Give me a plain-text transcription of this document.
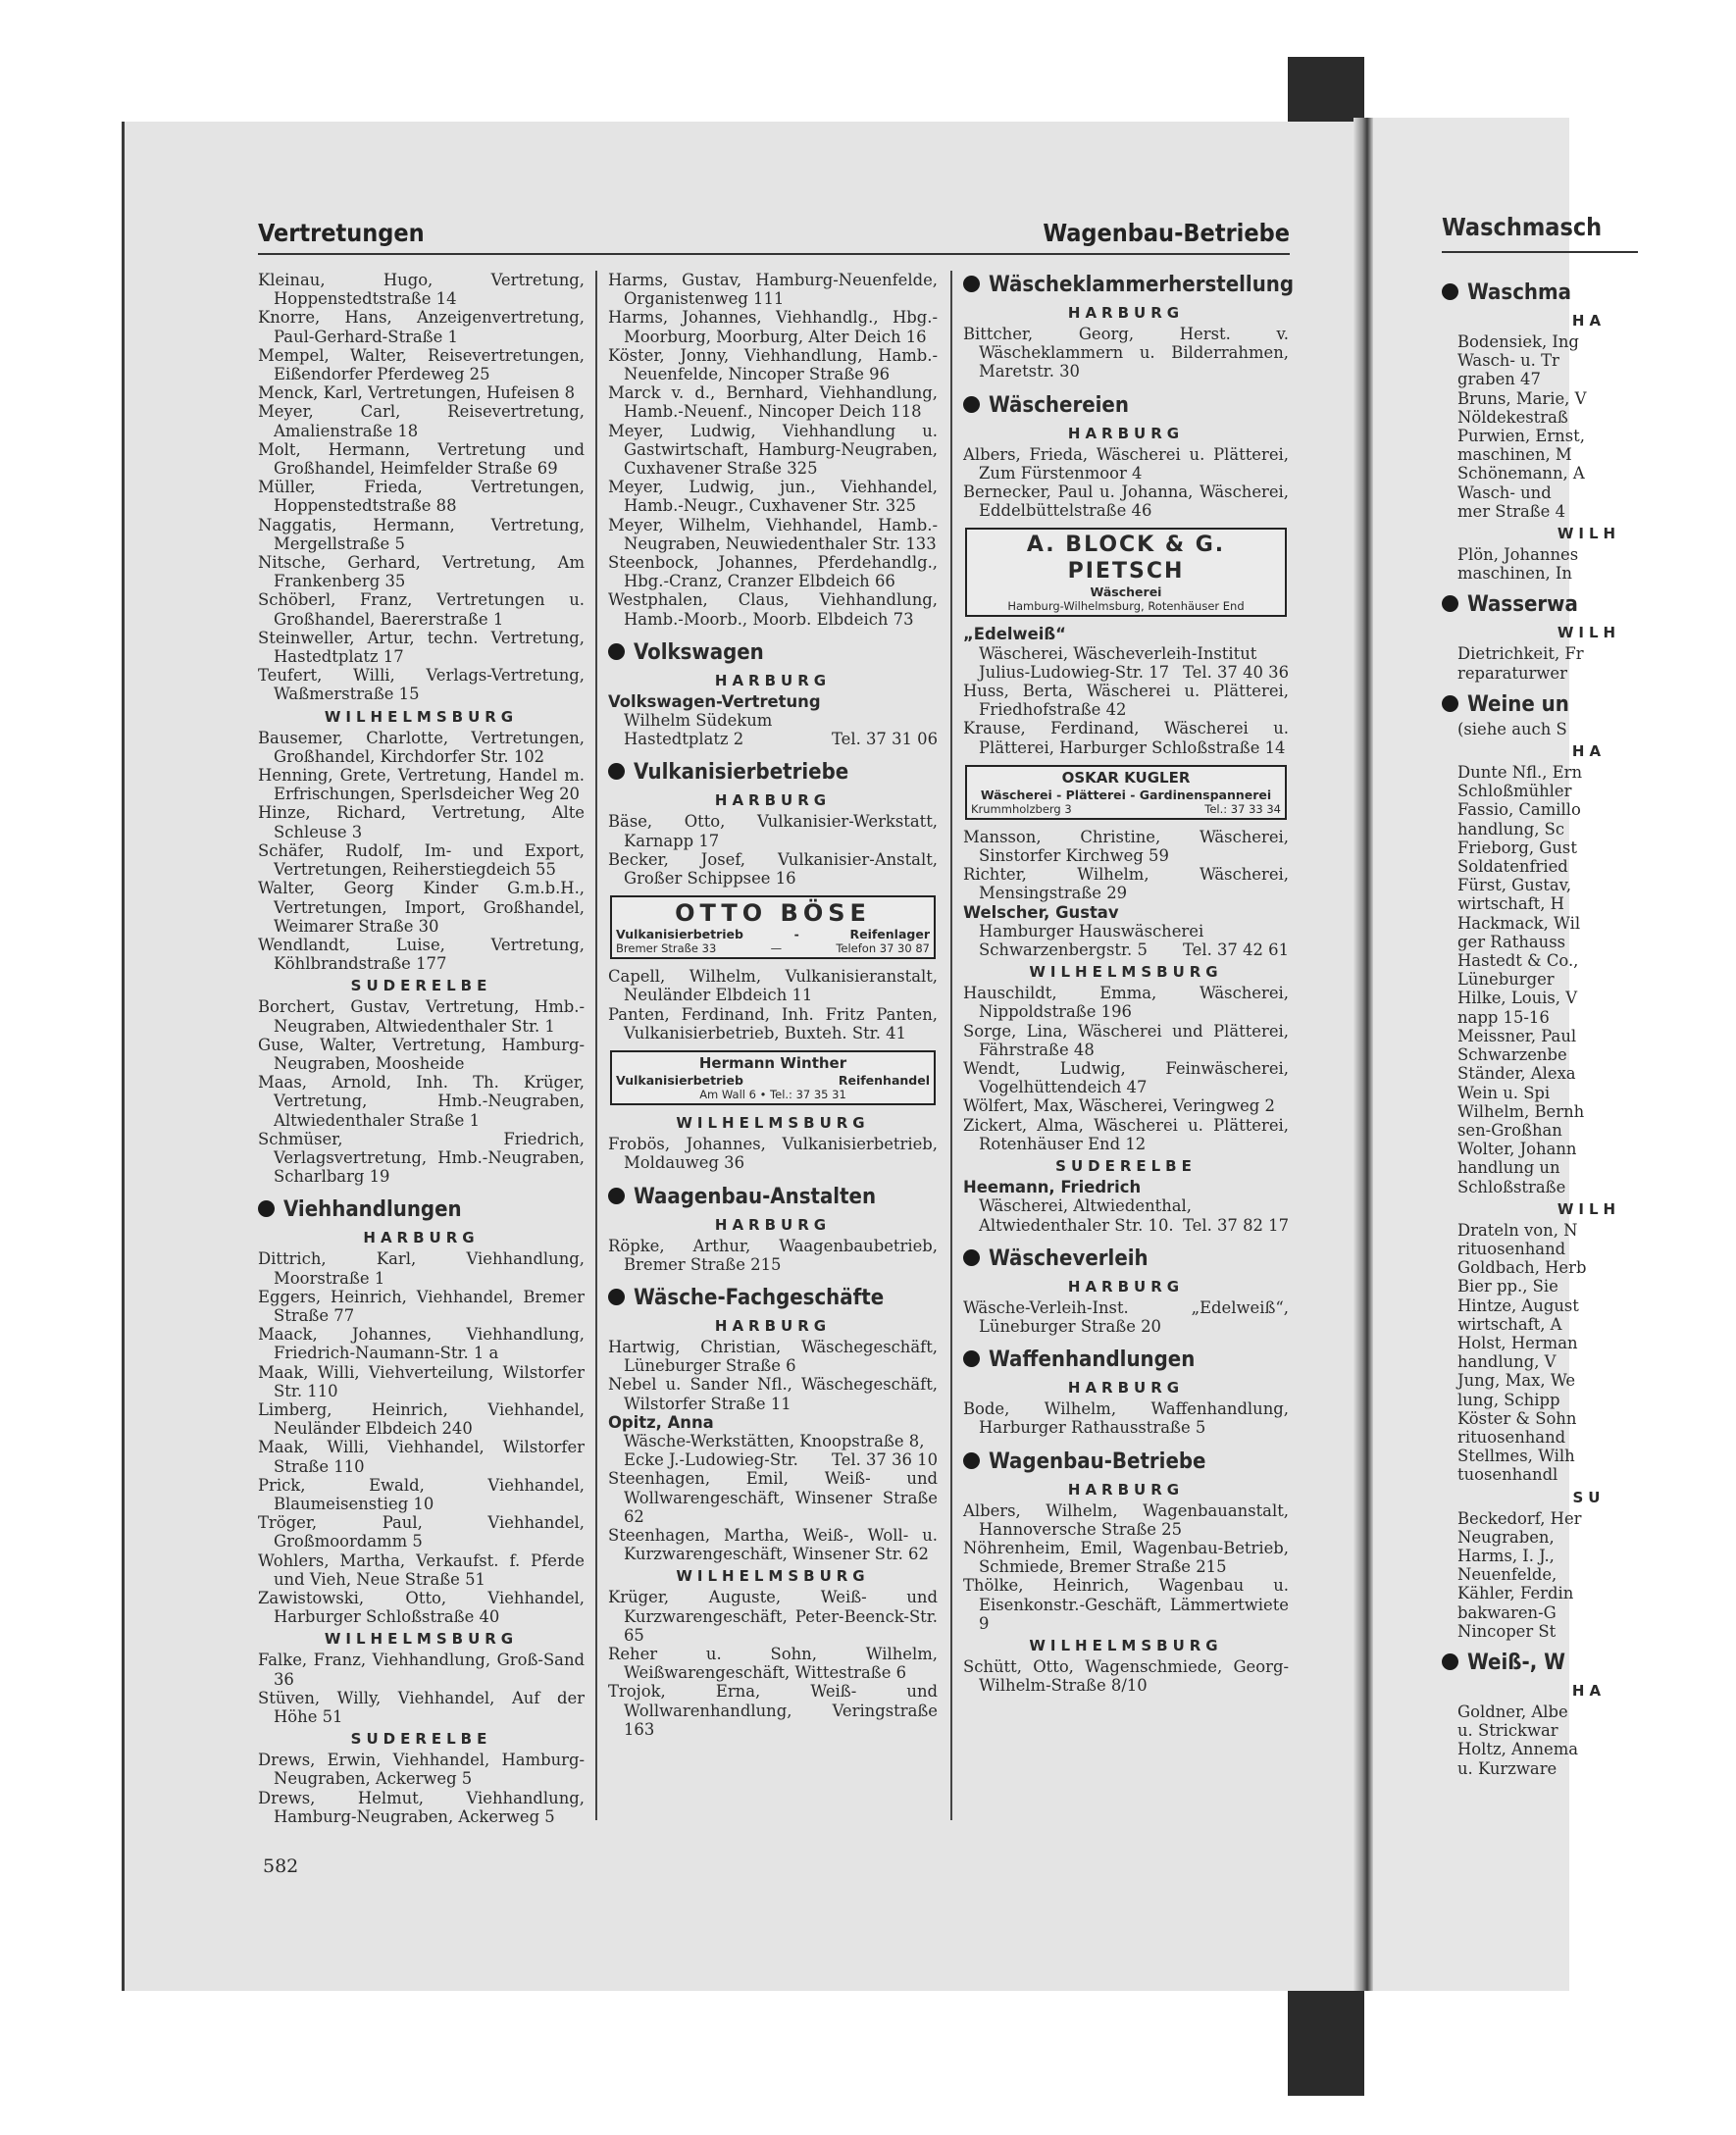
Waschmasch
Waschma
HA
Bodensiek, Ing
Wasch- u. Tr
graben 47
Bruns, Marie, V
Nöldekestraß
Purwien, Ernst,
maschinen, M
Schönemann, A
Wasch- und
mer Straße 4
WILH
Plön, Johannes
maschinen, In
Wasserwa
WILH
Dietrichkeit, Fr
reparaturwer
Weine un
(siehe auch S
HA
Dunte Nfl., Ern
Schloßmühler
Fassio, Camillo
handlung, Sc
Frieborg, Gust
Soldatenfried
Fürst, Gustav,
wirtschaft, H
Hackmack, Wil
ger Rathauss
Hastedt & Co.,
Lüneburger
Hilke, Louis, V
napp 15-16
Meissner, Paul
Schwarzenbe
Ständer, Alexa
Wein u. Spi
Wilhelm, Bernh
sen-Großhan
Wolter, Johann
handlung un
Schloßstraße
WILH
Drateln von, N
rituosenhand
Goldbach, Herb
Bier pp., Sie
Hintze, August
wirtschaft, A
Holst, Herman
handlung, V
Jung, Max, We
lung, Schipp
Köster & Sohn
rituosenhand
Stellmes, Wilh
tuosenhandl
SU
Beckedorf, Her
Neugraben,
Harms, I. J.,
Neuenfelde,
Kähler, Ferdin
bakwaren-G
Nincoper St
Weiß-, W
HA
Goldner, Albe
u. Strickwar
Holtz, Annema
u. Kurzware
Vertretungen	Wagenbau-Betriebe
Kleinau, Hugo, Vertretung, Hoppenstedtstraße 14
Knorre, Hans, Anzeigenvertretung, Paul-Gerhard-Straße 1
Mempel, Walter, Reisevertretungen, Eißendorfer Pferdeweg 25
Menck, Karl, Vertretungen, Hufeisen 8
Meyer, Carl, Reisevertretung, Amalienstraße 18
Molt, Hermann, Vertretung und Großhandel, Heimfelder Straße 69
Müller, Frieda, Vertretungen, Hoppenstedtstraße 88
Naggatis, Hermann, Vertretung, Mergellstraße 5
Nitsche, Gerhard, Vertretung, Am Frankenberg 35
Schöberl, Franz, Vertretungen u. Großhandel, Baererstraße 1
Steinweller, Artur, techn. Vertretung, Hastedtplatz 17
Teufert, Willi, Verlags-Vertretung, Waßmerstraße 15
WILHELMSBURG
Bausemer, Charlotte, Vertretungen, Großhandel, Kirchdorfer Str. 102
Henning, Grete, Vertretung, Handel m. Erfrischungen, Sperlsdeicher Weg 20
Hinze, Richard, Vertretung, Alte Schleuse 3
Schäfer, Rudolf, Im- und Export, Vertretungen, Reiherstiegdeich 55
Walter, Georg Kinder G.m.b.H., Vertretungen, Import, Großhandel, Weimarer Straße 30
Wendlandt, Luise, Vertretung, Köhlbrandstraße 177
SUDERELBE
Borchert, Gustav, Vertretung, Hmb.-Neugraben, Altwiedenthaler Str. 1
Guse, Walter, Vertretung, Hamburg-Neugraben, Moosheide
Maas, Arnold, Inh. Th. Krüger, Vertretung, Hmb.-Neugraben, Altwiedenthaler Straße 1
Schmüser, Friedrich, Verlagsvertretung, Hmb.-Neugraben, Scharlbarg 19
Viehhandlungen
HARBURG
Dittrich, Karl, Viehhandlung, Moorstraße 1
Eggers, Heinrich, Viehhandel, Bremer Straße 77
Maack, Johannes, Viehhandlung, Friedrich-Naumann-Str. 1 a
Maak, Willi, Viehverteilung, Wilstorfer Str. 110
Limberg, Heinrich, Viehhandel, Neuländer Elbdeich 240
Maak, Willi, Viehhandel, Wilstorfer Straße 110
Prick, Ewald, Viehhandel, Blaumeisenstieg 10
Tröger, Paul, Viehhandel, Großmoordamm 5
Wohlers, Martha, Verkaufst. f. Pferde und Vieh, Neue Straße 51
Zawistowski, Otto, Viehhandel, Harburger Schloßstraße 40
WILHELMSBURG
Falke, Franz, Viehhandlung, Groß-Sand 36
Stüven, Willy, Viehhandel, Auf der Höhe 51
SUDERELBE
Drews, Erwin, Viehhandel, Hamburg-Neugraben, Ackerweg 5
Drews, Helmut, Viehhandlung, Hamburg-Neugraben, Ackerweg 5
Harms, Gustav, Hamburg-Neuenfelde, Organistenweg 111
Harms, Johannes, Viehhandlg., Hbg.-Moorburg, Moorburg, Alter Deich 16
Köster, Jonny, Viehhandlung, Hamb.-Neuenfelde, Nincoper Straße 96
Marck v. d., Bernhard, Viehhandlung, Hamb.-Neuenf., Nincoper Deich 118
Meyer, Ludwig, Viehhandlung u. Gastwirtschaft, Hamburg-Neugraben, Cuxhavener Straße 325
Meyer, Ludwig, jun., Viehhandel, Hamb.-Neugr., Cuxhavener Str. 325
Meyer, Wilhelm, Viehhandel, Hamb.-Neugraben, Neuwiedenthaler Str. 133
Steenbock, Johannes, Pferdehandlg., Hbg.-Cranz, Cranzer Elbdeich 66
Westphalen, Claus, Viehhandlung, Hamb.-Moorb., Moorb. Elbdeich 73
Volkswagen
HARBURG
Volkswagen-Vertretung
Wilhelm Südekum
Hastedtplatz 2	Tel. 37 31 06
Vulkanisierbetriebe
HARBURG
Bäse, Otto, Vulkanisier-Werkstatt, Karnapp 17
Becker, Josef, Vulkanisier-Anstalt, Großer Schippsee 16
OTTO BÖSE
Vulkanisierbetrieb	-	Reifenlager
Bremer Straße 33	—	Telefon 37 30 87
Capell, Wilhelm, Vulkanisieranstalt, Neuländer Elbdeich 11
Panten, Ferdinand, Inh. Fritz Panten, Vulkanisierbetrieb, Buxteh. Str. 41
Hermann Winther
Vulkanisierbetrieb	Reifenhandel
Am Wall 6 • Tel.: 37 35 31
WILHELMSBURG
Frobös, Johannes, Vulkanisierbetrieb, Moldauweg 36
Waagenbau-Anstalten
HARBURG
Röpke, Arthur, Waagenbaubetrieb, Bremer Straße 215
Wäsche-Fachgeschäfte
HARBURG
Hartwig, Christian, Wäschegeschäft, Lüneburger Straße 6
Nebel u. Sander Nfl., Wäschegeschäft, Wilstorfer Straße 11
Opitz, Anna
Wäsche-Werkstätten, Knoopstraße 8,
Ecke J.-Ludowieg-Str. Tel. 37 36 10
Steenhagen, Emil, Weiß- und Wollwarengeschäft, Winsener Straße 62
Steenhagen, Martha, Weiß-, Woll- u. Kurzwarengeschäft, Winsener Str. 62
WILHELMSBURG
Krüger, Auguste, Weiß- und Kurzwarengeschäft, Peter-Beenck-Str. 65
Reher u. Sohn, Wilhelm, Weißwarengeschäft, Wittestraße 6
Trojok, Erna, Weiß- und Wollwarenhandlung, Veringstraße 163
Wäscheklammerherstellung
HARBURG
Bittcher, Georg, Herst. v. Wäscheklammern u. Bilderrahmen, Maretstr. 30
Wäschereien
HARBURG
Albers, Frieda, Wäscherei u. Plätterei, Zum Fürstenmoor 4
Bernecker, Paul u. Johanna, Wäscherei, Eddelbüttelstraße 46
A. BLOCK & G. PIETSCH
Wäscherei
Hamburg-Wilhelmsburg, Rotenhäuser End
„Edelweiß“
Wäscherei, Wäscheverleih-Institut
Julius-Ludowieg-Str. 17 Tel. 37 40 36
Huss, Berta, Wäscherei u. Plätterei, Friedhofstraße 42
Krause, Ferdinand, Wäscherei u. Plätterei, Harburger Schloßstraße 14
OSKAR KUGLER
Wäscherei - Plätterei - Gardinenspannerei
Krummholzberg 3	Tel.: 37 33 34
Mansson, Christine, Wäscherei, Sinstorfer Kirchweg 59
Richter, Wilhelm, Wäscherei, Mensingstraße 29
Welscher, Gustav
Hamburger Hauswäscherei
Schwarzenbergstr. 5 Tel. 37 42 61
WILHELMSBURG
Hauschildt, Emma, Wäscherei, Nippoldstraße 196
Sorge, Lina, Wäscherei und Plätterei, Fährstraße 48
Wendt, Ludwig, Feinwäscherei, Vogelhüttendeich 47
Wölfert, Max, Wäscherei, Veringweg 2
Zickert, Alma, Wäscherei u. Plätterei, Rotenhäuser End 12
SUDERELBE
Heemann, Friedrich
Wäscherei, Altwiedenthal,
Altwiedenthaler Str. 10. Tel. 37 82 17
Wäscheverleih
HARBURG
Wäsche-Verleih-Inst. „Edelweiß“, Lüneburger Straße 20
Waffenhandlungen
HARBURG
Bode, Wilhelm, Waffenhandlung, Harburger Rathausstraße 5
Wagenbau-Betriebe
HARBURG
Albers, Wilhelm, Wagenbauanstalt, Hannoversche Straße 25
Nöhrenheim, Emil, Wagenbau-Betrieb, Schmiede, Bremer Straße 215
Thölke, Heinrich, Wagenbau u. Eisenkonstr.-Geschäft, Lämmertwiete 9
WILHELMSBURG
Schütt, Otto, Wagenschmiede, Georg-Wilhelm-Straße 8/10
582
